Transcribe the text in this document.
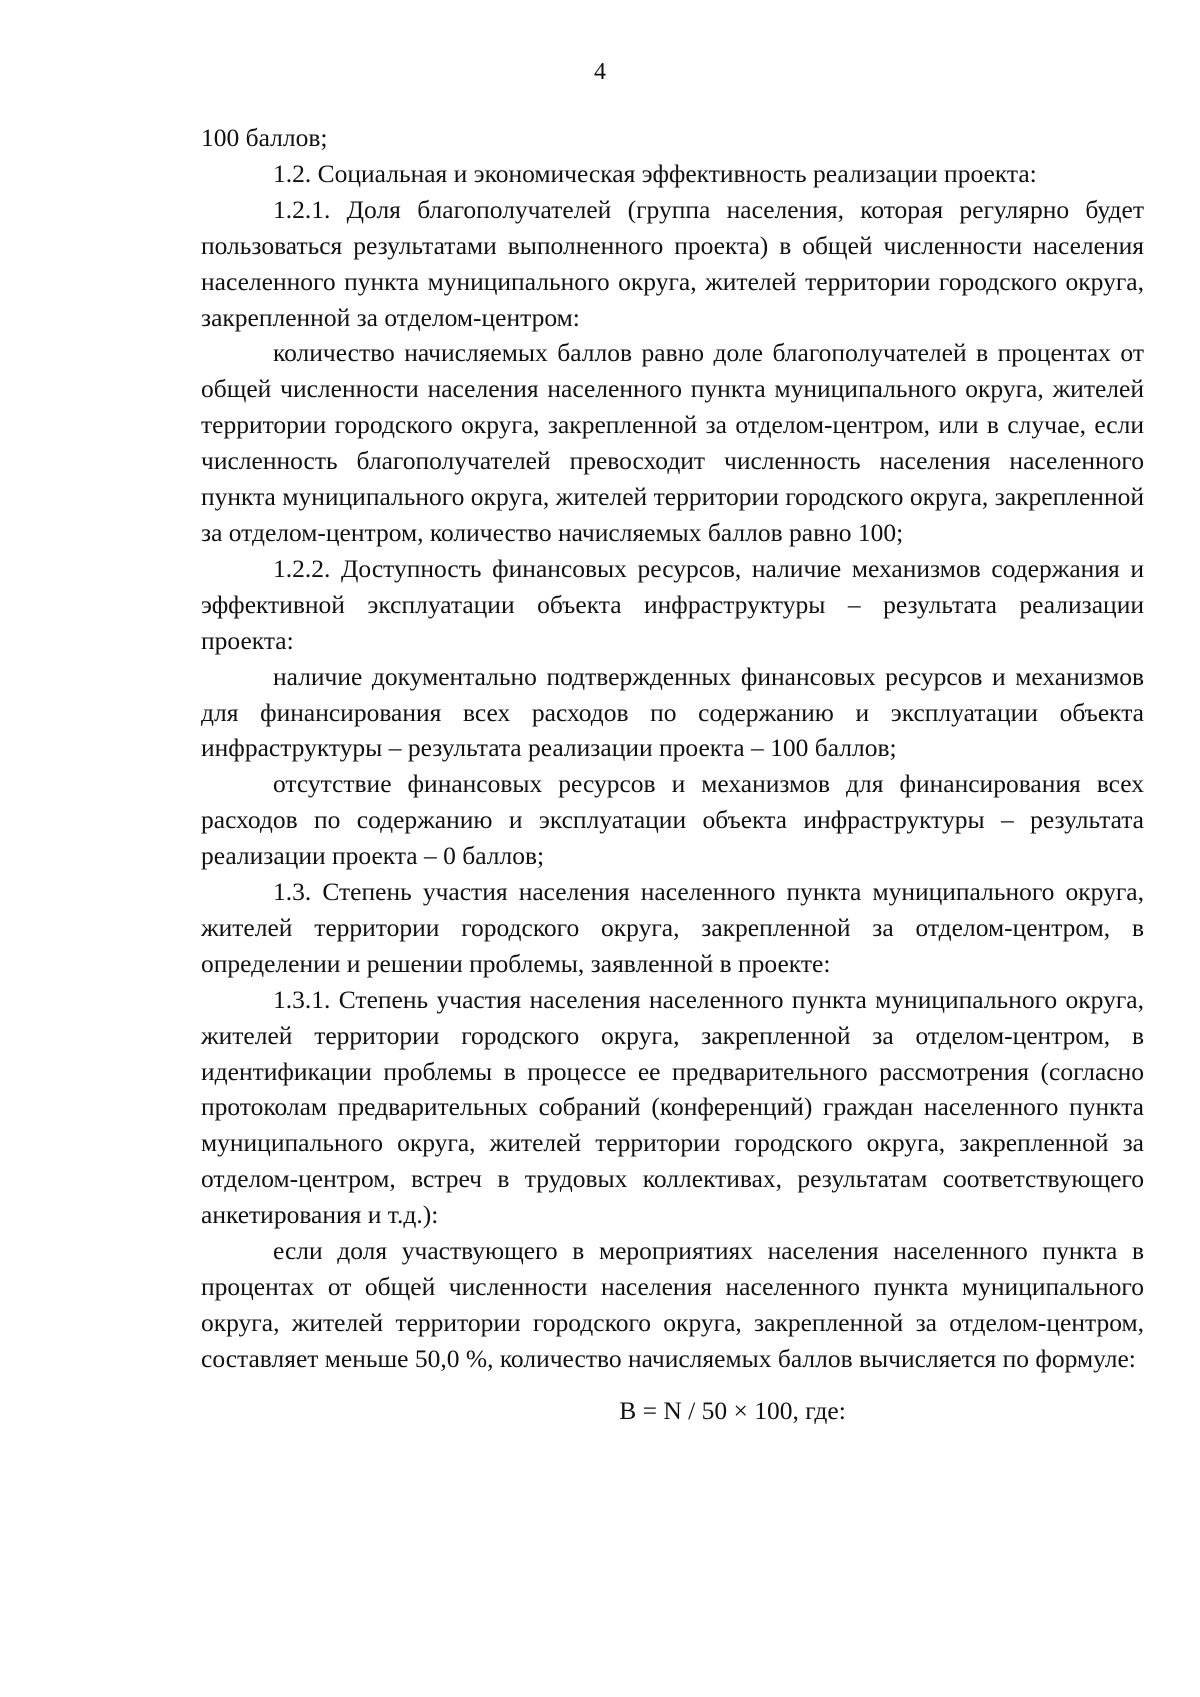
4

100 баллов;

1.2. Социальная и экономическая эффективность реализации проекта:

1.2.1. Доля благополучателей (группа населения, которая регулярно будет пользоваться результатами выполненного проекта) в общей численности населения населенного пункта муниципального округа, жителей территории городского округа, закрепленной за отделом-центром:

количество начисляемых баллов равно доле благополучателей в процентах от общей численности населения населенного пункта муниципального округа, жителей территории городского округа, закрепленной за отделом-центром, или в случае, если численность благополучателей превосходит численность населения населенного пункта муниципального округа, жителей территории городского округа, закрепленной за отделом-центром, количество начисляемых баллов равно 100;

1.2.2. Доступность финансовых ресурсов, наличие механизмов содержания и эффективной эксплуатации объекта инфраструктуры – результата реализации проекта:

наличие документально подтвержденных финансовых ресурсов и механизмов для финансирования всех расходов по содержанию и эксплуатации объекта инфраструктуры – результата реализации проекта – 100 баллов;

отсутствие финансовых ресурсов и механизмов для финансирования всех расходов по содержанию и эксплуатации объекта инфраструктуры – результата реализации проекта – 0 баллов;

1.3. Степень участия населения населенного пункта муниципального округа, жителей территории городского округа, закрепленной за отделом-центром, в определении и решении проблемы, заявленной в проекте:

1.3.1. Степень участия населения населенного пункта муниципального округа, жителей территории городского округа, закрепленной за отделом-центром, в идентификации проблемы в процессе ее предварительного рассмотрения (согласно протоколам предварительных собраний (конференций) граждан населенного пункта муниципального округа, жителей территории городского округа, закрепленной за отделом-центром, встреч в трудовых коллективах, результатам соответствующего анкетирования и т.д.):

если доля участвующего в мероприятиях населения населенного пункта в процентах от общей численности населения населенного пункта муниципального округа, жителей территории городского округа, закрепленной за отделом-центром, составляет меньше 50,0 %, количество начисляемых баллов вычисляется по формуле:

B = N / 50 × 100, где:
